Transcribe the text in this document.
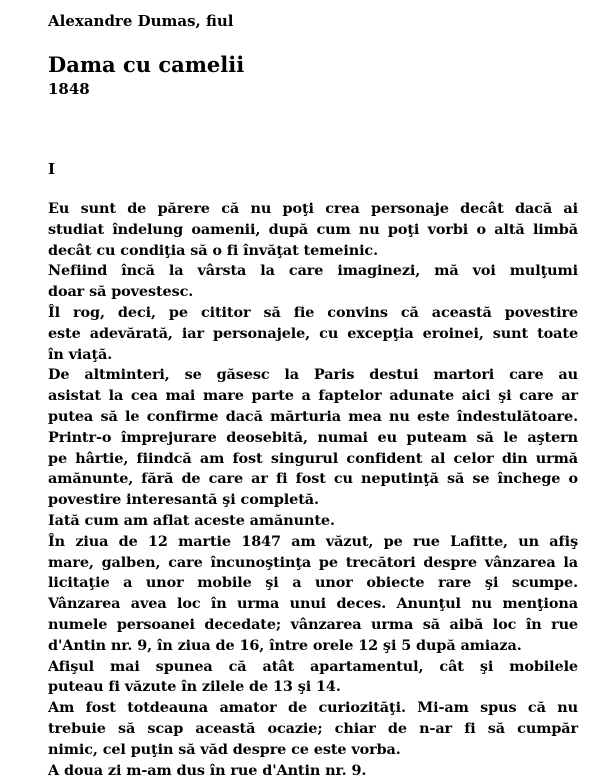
Alexandre Dumas, fiul
Dama cu camelii
1848
I
Eu sunt de părere că nu poţi crea personaje decât dacă ai
studiat îndelung oamenii, după cum nu poţi vorbi o altă limbă
decât cu condiţia să o fi învăţat temeinic.
Nefiind încă la vârsta la care imaginezi, mă voi mulţumi
doar să povestesc.
Îl rog, deci, pe cititor să fie convins că această povestire
este adevărată, iar personajele, cu excepţia eroinei, sunt toate
în viaţă.
De altminteri, se găsesc la Paris destui martori care au
asistat la cea mai mare parte a faptelor adunate aici şi care ar
putea să le confirme dacă mărturia mea nu este îndestulătoare.
Printr-o împrejurare deosebită, numai eu puteam să le aştern
pe hârtie, fiindcă am fost singurul confident al celor din urmă
amănunte, fără de care ar fi fost cu neputinţă să se închege o
povestire interesantă şi completă.
Iată cum am aflat aceste amănunte.
În ziua de 12 martie 1847 am văzut, pe rue Lafitte, un afiş
mare, galben, care încunoştinţa pe trecători despre vânzarea la
licitaţie a unor mobile şi a unor obiecte rare şi scumpe.
Vânzarea avea loc în urma unui deces. Anunţul nu menţiona
numele persoanei decedate; vânzarea urma să aibă loc în rue
d'Antin nr. 9, în ziua de 16, între orele 12 şi 5 după amiaza.
Afişul mai spunea că atât apartamentul, cât şi mobilele
puteau fi văzute în zilele de 13 şi 14.
Am fost totdeauna amator de curiozităţi. Mi-am spus că nu
trebuie să scap această ocazie; chiar de n-ar fi să cumpăr
nimic, cel puţin să văd despre ce este vorba.
A doua zi m-am dus în rue d'Antin nr. 9.
